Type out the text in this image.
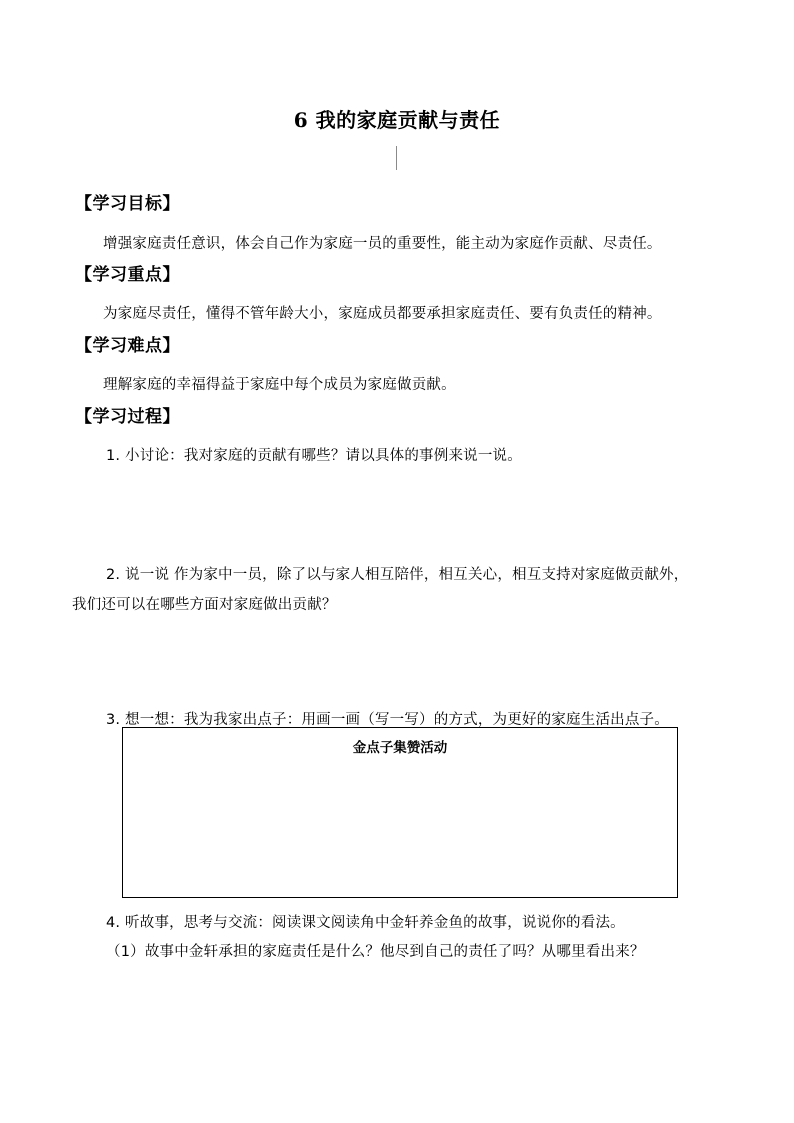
6 我的家庭贡献与责任
【学习目标】
增强家庭责任意识，体会自己作为家庭一员的重要性，能主动为家庭作贡献、尽责任。
【学习重点】
为家庭尽责任，懂得不管年龄大小，家庭成员都要承担家庭责任、要有负责任的精神。
【学习难点】
理解家庭的幸福得益于家庭中每个成员为家庭做贡献。
【学习过程】
1. 小讨论：我对家庭的贡献有哪些？请以具体的事例来说一说。
2. 说一说 作为家中一员，除了以与家人相互陪伴，相互关心，相互支持对家庭做贡献外，
我们还可以在哪些方面对家庭做出贡献？
3. 想一想：我为我家出点子：用画一画（写一写）的方式，为更好的家庭生活出点子。
金点子集赞活动
4. 听故事，思考与交流：阅读课文阅读角中金轩养金鱼的故事，说说你的看法。
（1）故事中金轩承担的家庭责任是什么？他尽到自己的责任了吗？从哪里看出来？
